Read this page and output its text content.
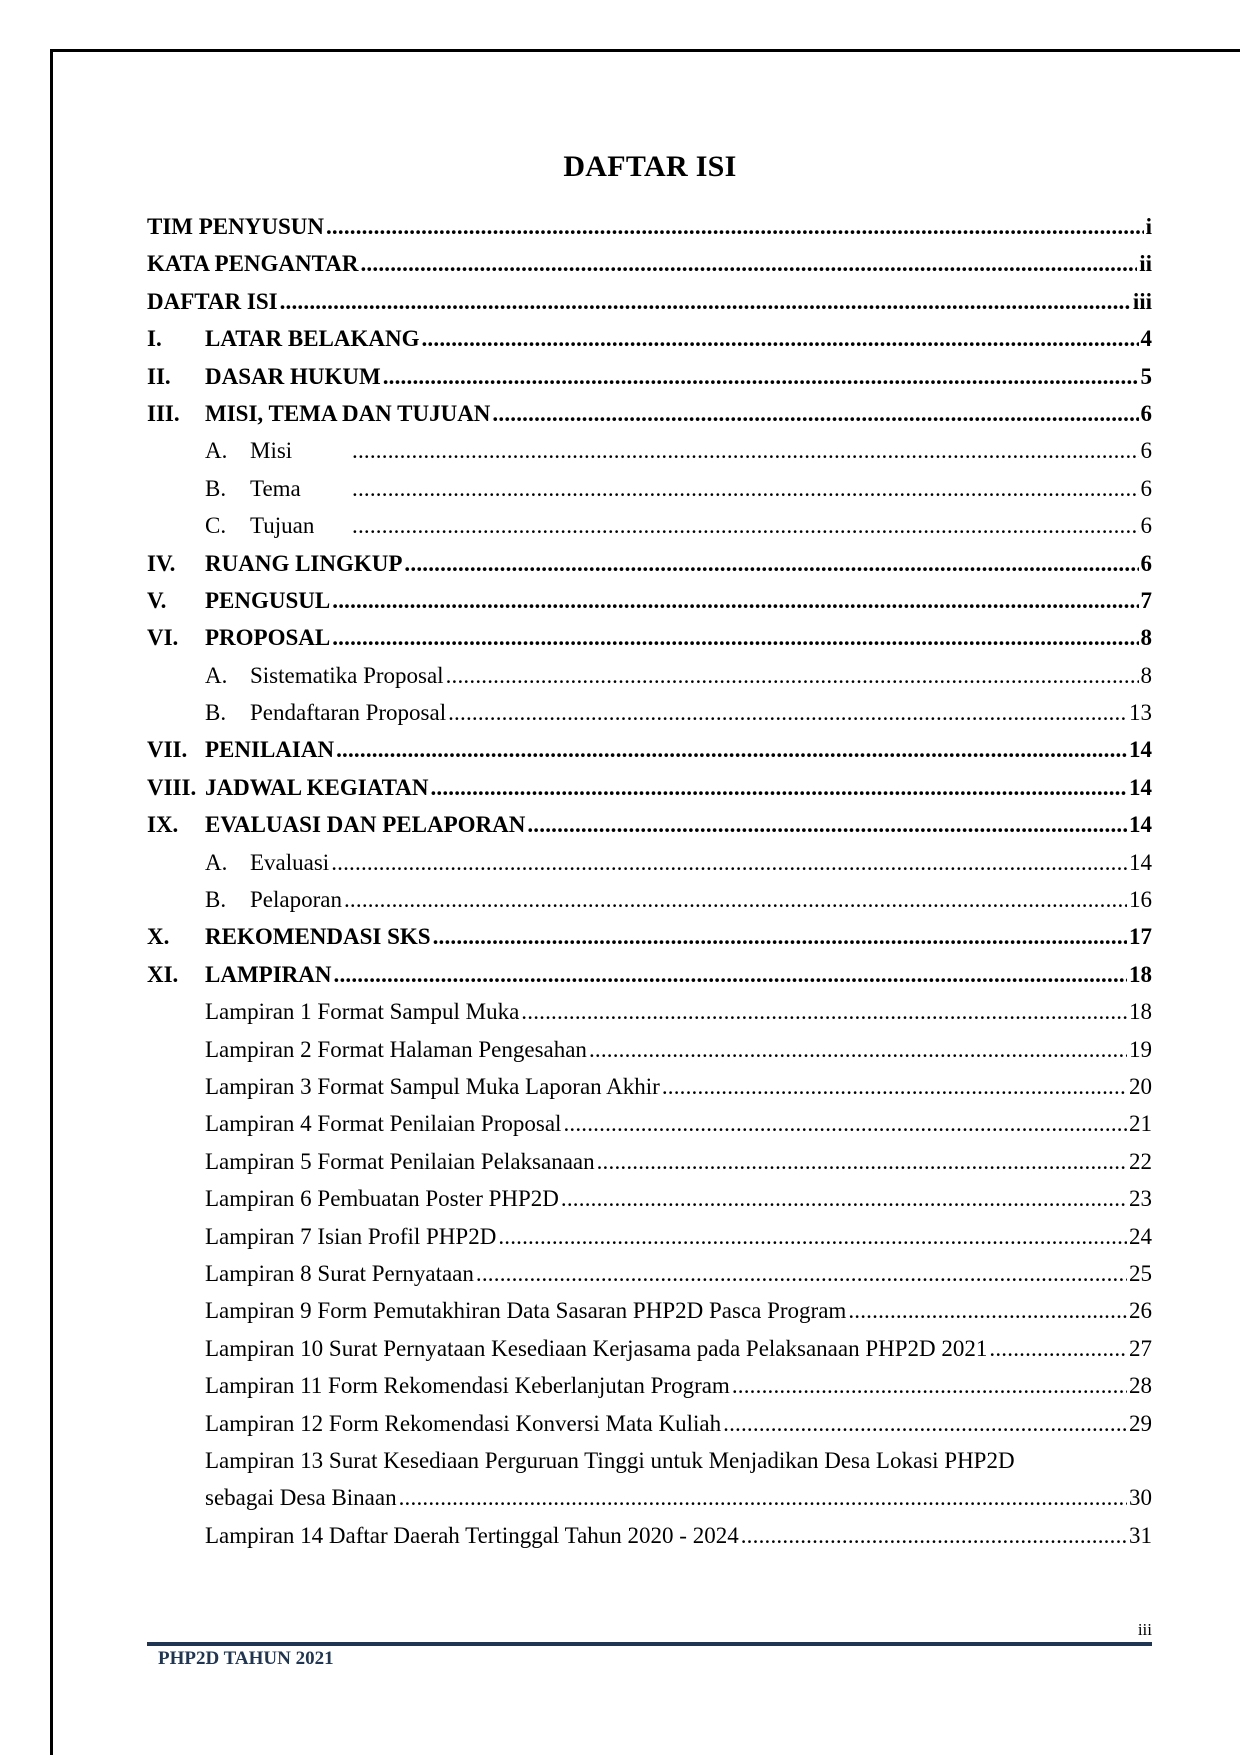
DAFTAR ISI
TIM PENYUSUN .....	i
KATA PENGANTAR .....	ii
DAFTAR ISI .....	iii
I.	LATAR BELAKANG .....	4
II.	DASAR HUKUM .....	5
III.	MISI, TEMA DAN TUJUAN .....	6
A. Misi .....	6
B.	Tema .....	6
C.	Tujuan .....	6
IV.	RUANG LINGKUP .....	6
V.	PENGUSUL .....	7
VI.	PROPOSAL .....	8
A. Sistematika Proposal .....	8
B.	Pendaftaran Proposal .....	13
VII. PENILAIAN .....	14
VIII. JADWAL KEGIATAN .....	14
IX.	EVALUASI DAN PELAPORAN .....	14
A. Evaluasi .....	14
B.	Pelaporan .....	16
X.	REKOMENDASI SKS .....	17
XI.	LAMPIRAN .....	18
Lampiran 1 Format Sampul Muka .....	18
Lampiran 2 Format Halaman Pengesahan .....	19
Lampiran 3 Format Sampul Muka Laporan Akhir .....	20
Lampiran 4 Format Penilaian Proposal .....	21
Lampiran 5 Format Penilaian Pelaksanaan .....	22
Lampiran 6 Pembuatan Poster PHP2D .....	23
Lampiran 7 Isian Profil PHP2D .....	24
Lampiran 8 Surat Pernyataan .....	25
Lampiran 9 Form Pemutakhiran Data Sasaran PHP2D Pasca Program .....	26
Lampiran 10 Surat Pernyataan Kesediaan Kerjasama pada Pelaksanaan PHP2D 2021 .....	27
Lampiran 11 Form Rekomendasi Keberlanjutan Program .....	28
Lampiran 12 Form Rekomendasi Konversi Mata Kuliah .....	29
Lampiran 13 Surat Kesediaan Perguruan Tinggi untuk Menjadikan Desa Lokasi PHP2D
sebagai Desa Binaan .....	30
Lampiran 14 Daftar Daerah Tertinggal Tahun 2020 - 2024 .....	31
iii
PHP2D TAHUN 2021
